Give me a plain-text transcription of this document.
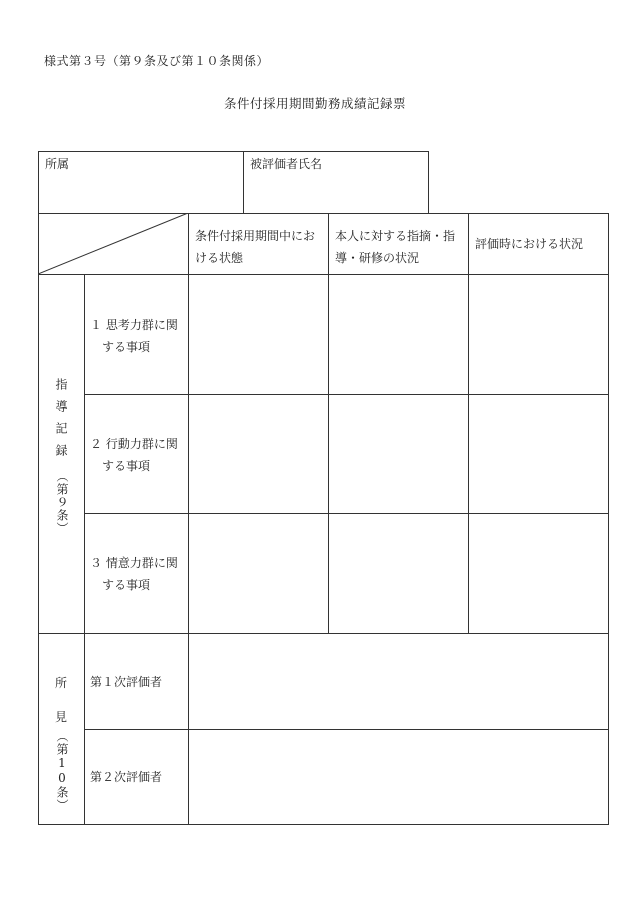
様式第３号（第９条及び第１０条関係）
条件付採用期間勤務成績記録票
所属	被評価者氏名
条件付採用期間中にお
ける状態
本人に対する指摘・指
導・研修の状況
評価時における状況
指導記録
（第９条）
１ 思考力群に関
する事項
２ 行動力群に関
する事項
３ 情意力群に関
する事項
所
見
（第10条）
第１次評価者
第２次評価者
